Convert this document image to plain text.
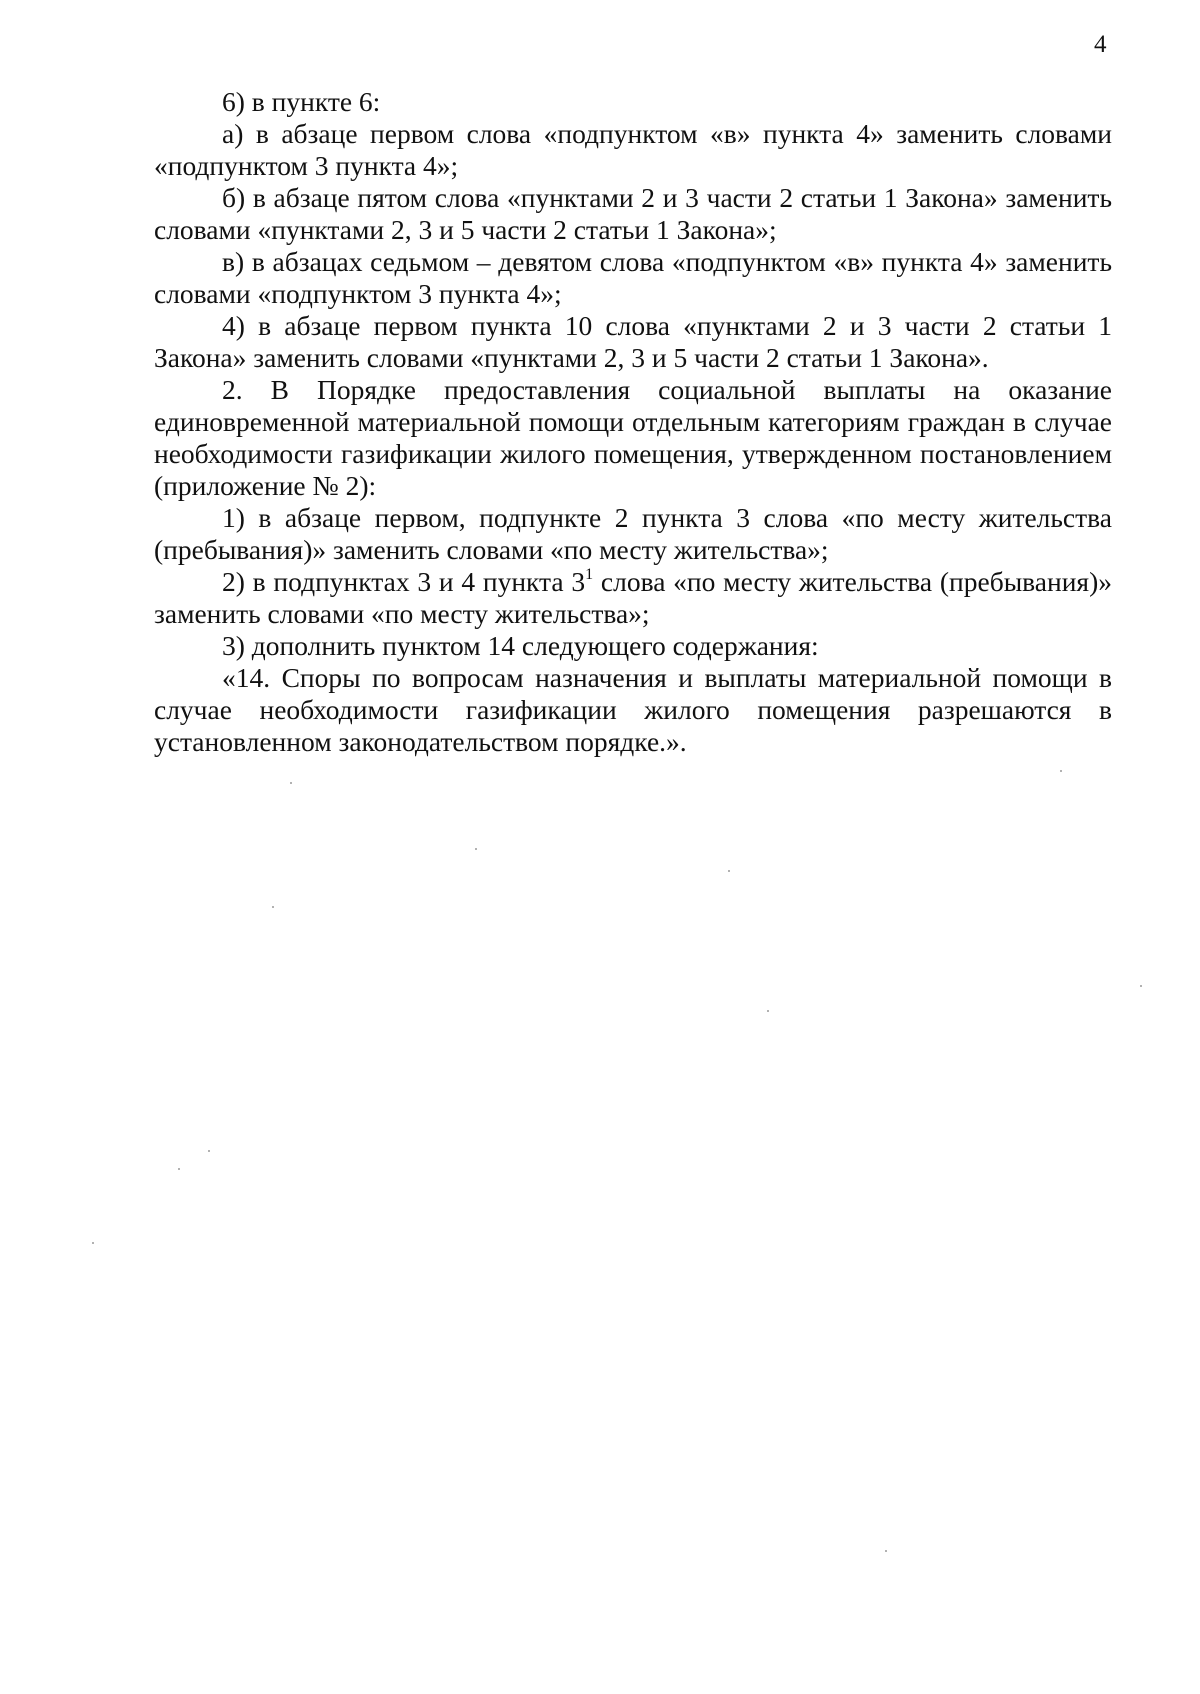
4

6) в пункте 6:

а) в абзаце первом слова «подпунктом «в» пункта 4» заменить словами «подпунктом 3 пункта 4»;

б) в абзаце пятом слова «пунктами 2 и 3 части 2 статьи 1 Закона» заменить словами «пунктами 2, 3 и 5 части 2 статьи 1 Закона»;

в) в абзацах седьмом – девятом слова «подпунктом «в» пункта 4» заменить словами «подпунктом 3 пункта 4»;

4) в абзаце первом пункта 10 слова «пунктами 2 и 3 части 2 статьи 1 Закона» заменить словами «пунктами 2, 3 и 5 части 2 статьи 1 Закона».

2. В Порядке предоставления социальной выплаты на оказание единовременной материальной помощи отдельным категориям граждан в случае необходимости газификации жилого помещения, утвержденном постановлением (приложение № 2):

1) в абзаце первом, подпункте 2 пункта 3 слова «по месту жительства (пребывания)» заменить словами «по месту жительства»;

2) в подпунктах 3 и 4 пункта $3^1$ слова «по месту жительства (пребывания)» заменить словами «по месту жительства»;

3) дополнить пунктом 14 следующего содержания:

«14. Споры по вопросам назначения и выплаты материальной помощи в случае необходимости газификации жилого помещения разрешаются в установленном законодательством порядке.».
